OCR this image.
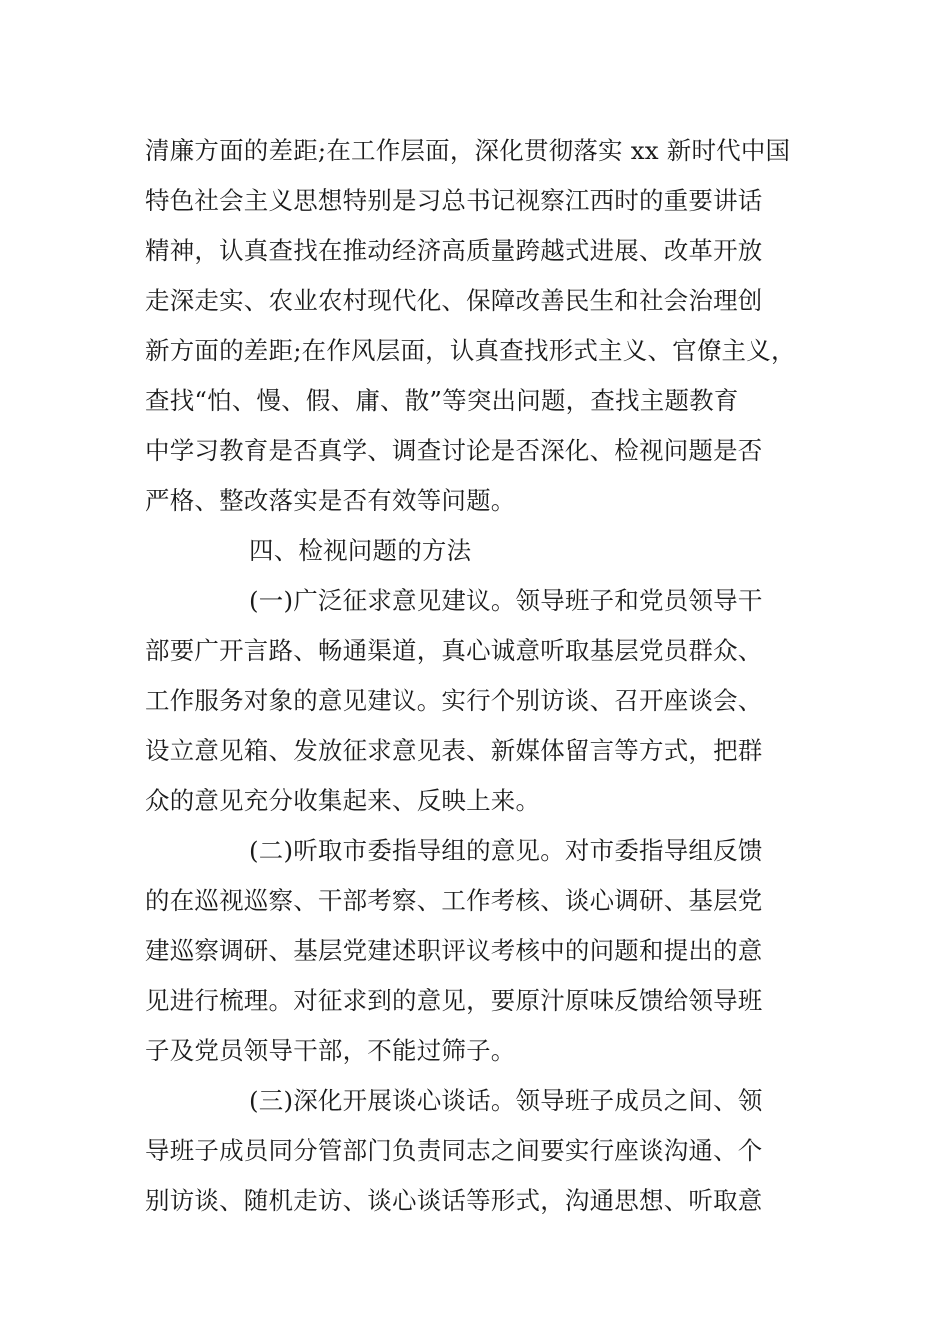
清廉方面的差距;在工作层面，深化贯彻落实 xx 新时代中国
特色社会主义思想特别是习总书记视察江西时的重要讲话
精神，认真查找在推动经济高质量跨越式进展、改革开放
走深走实、农业农村现代化、保障改善民生和社会治理创
新方面的差距;在作风层面，认真查找形式主义、官僚主义，
查找“怕、慢、假、庸、散”等突出问题，查找主题教育
中学习教育是否真学、调查讨论是否深化、检视问题是否
严格、整改落实是否有效等问题。
四、检视问题的方法
(一)广泛征求意见建议。领导班子和党员领导干
部要广开言路、畅通渠道，真心诚意听取基层党员群众、
工作服务对象的意见建议。实行个别访谈、召开座谈会、
设立意见箱、发放征求意见表、新媒体留言等方式，把群
众的意见充分收集起来、反映上来。
(二)听取市委指导组的意见。对市委指导组反馈
的在巡视巡察、干部考察、工作考核、谈心调研、基层党
建巡察调研、基层党建述职评议考核中的问题和提出的意
见进行梳理。对征求到的意见，要原汁原味反馈给领导班
子及党员领导干部，不能过筛子。
(三)深化开展谈心谈话。领导班子成员之间、领
导班子成员同分管部门负责同志之间要实行座谈沟通、个
别访谈、随机走访、谈心谈话等形式，沟通思想、听取意
